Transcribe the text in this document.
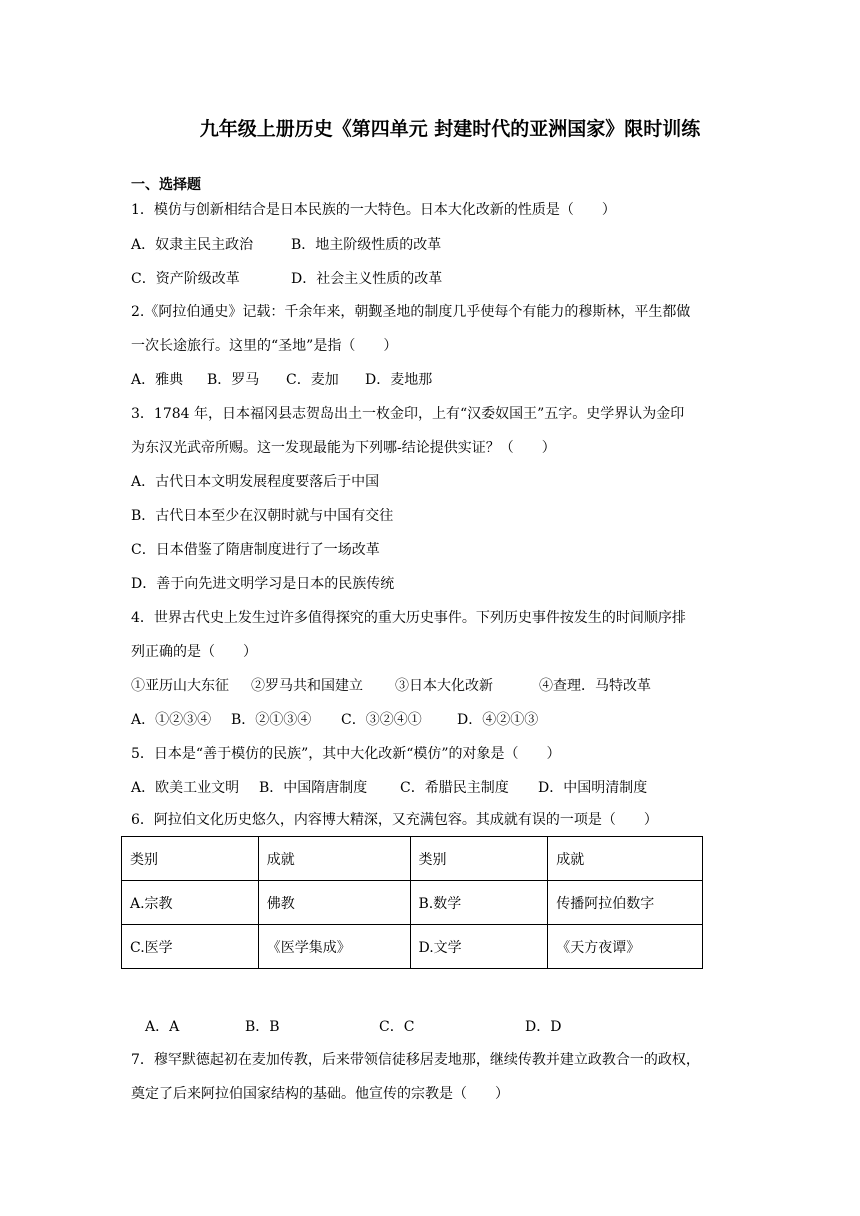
九年级上册历史《第四单元 封建时代的亚洲国家》限时训练
一、选择题
1．模仿与创新相结合是日本民族的一大特色。日本大化改新的性质是（　　）
A．奴隶主民主政治	B．地主阶级性质的改革
C．资产阶级改革	D．社会主义性质的改革
2.《阿拉伯通史》记载：千余年来，朝觐圣地的制度几乎使每个有能力的穆斯林，平生都做
一次长途旅行。这里的“圣地”是指（　　）
A．雅典 B．罗马 C．麦加 D．麦地那
3．1784 年，日本福冈县志贺岛出土一枚金印，上有“汉委奴国王”五字。史学界认为金印
为东汉光武帝所赐。这一发现最能为下列哪-结论提供实证？（　　）
A．古代日本文明发展程度要落后于中国
B．古代日本至少在汉朝时就与中国有交往
C．日本借鉴了隋唐制度进行了一场改革
D．善于向先进文明学习是日本的民族传统
4．世界古代史上发生过许多值得探究的重大历史事件。下列历史事件按发生的时间顺序排
列正确的是（　　）
①亚历山大东征 ②罗马共和国建立 ③日本大化改新	④查理．马特改革
A．①②③④ B．②①③④ C．③②④①	D．④②①③
5．日本是“善于模仿的民族”，其中大化改新“模仿”的对象是（　　）
A．欧美工业文明 B．中国隋唐制度 C．希腊民主制度 D．中国明清制度
6．阿拉伯文化历史悠久，内容博大精深，又充满包容。其成就有误的一项是（　　）
类别	成就	类别	成就
A.宗教	佛教	B.数学	传播阿拉伯数字
C.医学	《医学集成》	D.文学	《天方夜谭》
A．A	B．B	C．C	D．D
7．穆罕默德起初在麦加传教，后来带领信徒移居麦地那，继续传教并建立政教合一的政权，
奠定了后来阿拉伯国家结构的基础。他宣传的宗教是（　　）
